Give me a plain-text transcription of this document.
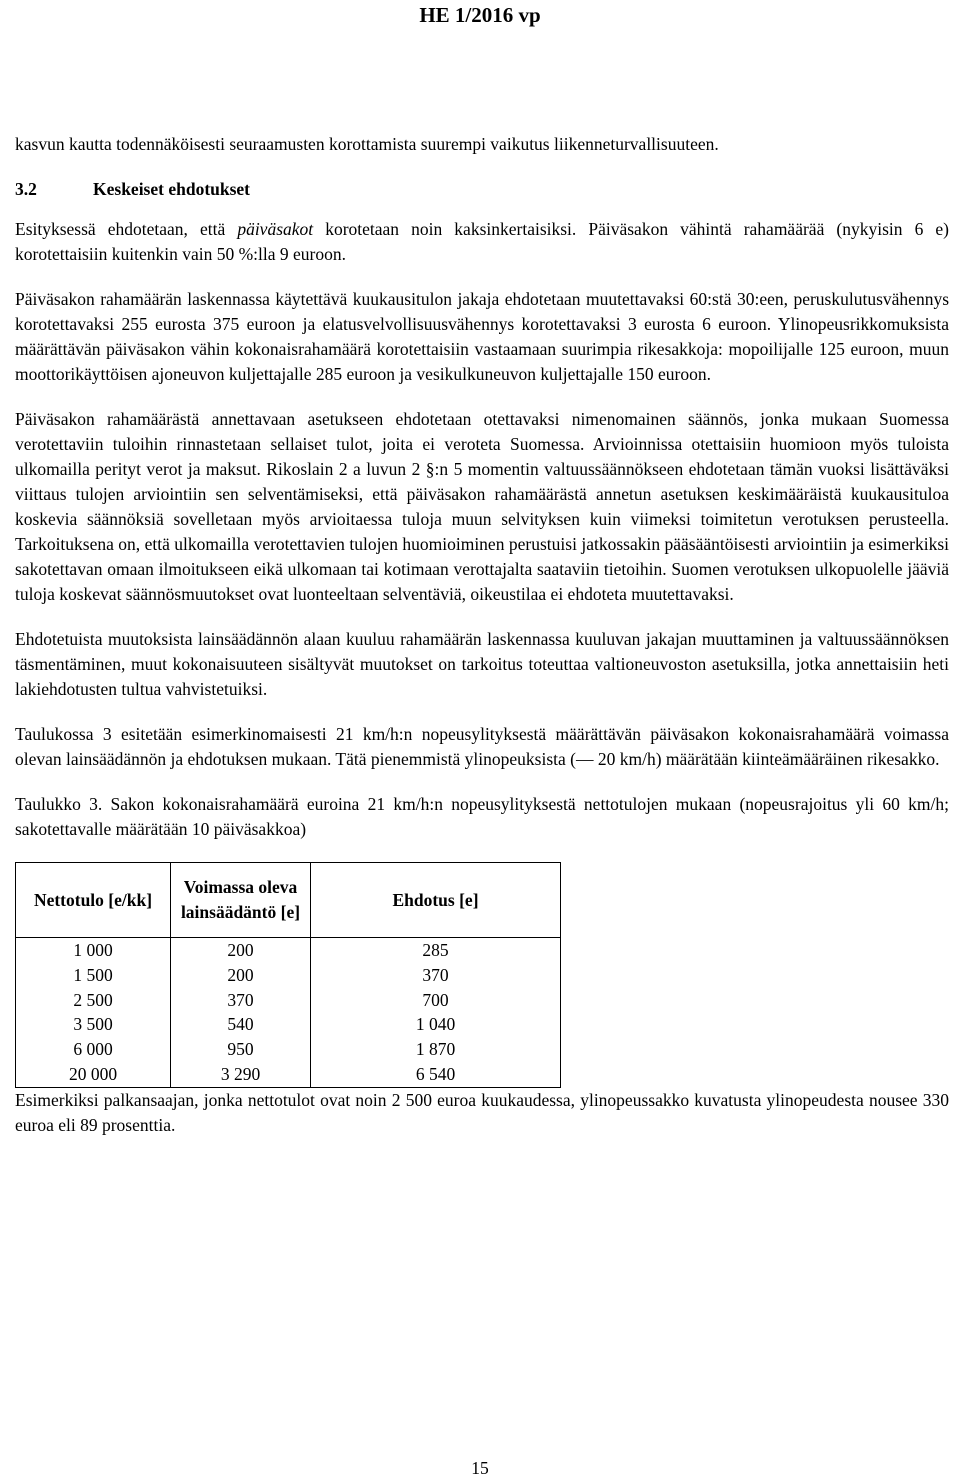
HE 1/2016 vp

kasvun kautta todennäköisesti seuraamusten korottamista suurempi vaikutus liikenneturvallisuuteen.

3.2	Keskeiset ehdotukset

Esityksessä ehdotetaan, että päiväsakot korotetaan noin kaksinkertaisiksi. Päiväsakon vähintä rahamäärää (nykyisin 6 e) korotettaisiin kuitenkin vain 50 %:lla 9 euroon.

Päiväsakon rahamäärän laskennassa käytettävä kuukausitulon jakaja ehdotetaan muutettavaksi 60:stä 30:een, peruskulutusvähennys korotettavaksi 255 eurosta 375 euroon ja elatusvelvollisuusvähennys korotettavaksi 3 eurosta 6 euroon. Ylinopeusrikkomuksista määrättävän päiväsakon vähin kokonaisrahamäärä korotettaisiin vastaamaan suurimpia rikesakkoja: mopoilijalle 125 euroon, muun moottorikäyttöisen ajoneuvon kuljettajalle 285 euroon ja vesikulkuneuvon kuljettajalle 150 euroon.

Päiväsakon rahamäärästä annettavaan asetukseen ehdotetaan otettavaksi nimenomainen säännös, jonka mukaan Suomessa verotettaviin tuloihin rinnastetaan sellaiset tulot, joita ei veroteta Suomessa. Arvioinnissa otettaisiin huomioon myös tuloista ulkomailla perityt verot ja maksut. Rikoslain 2 a luvun 2 §:n 5 momentin valtuussäännökseen ehdotetaan tämän vuoksi lisättäväksi viittaus tulojen arviointiin sen selventämiseksi, että päiväsakon rahamäärästä annetun asetuksen keskimääräistä kuukausituloa koskevia säännöksiä sovelletaan myös arvioitaessa tuloja muun selvityksen kuin viimeksi toimitetun verotuksen perusteella. Tarkoituksena on, että ulkomailla verotettavien tulojen huomioiminen perustuisi jatkossakin pääsääntöisesti arviointiin ja esimerkiksi sakotettavan omaan ilmoitukseen eikä ulkomaan tai kotimaan verottajalta saataviin tietoihin. Suomen verotuksen ulkopuolelle jääviä tuloja koskevat säännösmuutokset ovat luonteeltaan selventäviä, oikeustilaa ei ehdoteta muutettavaksi.

Ehdotetuista muutoksista lainsäädännön alaan kuuluu rahamäärän laskennassa kuuluvan jakajan muuttaminen ja valtuussäännöksen täsmentäminen, muut kokonaisuuteen sisältyvät muutokset on tarkoitus toteuttaa valtioneuvoston asetuksilla, jotka annettaisiin heti lakiehdotusten tultua vahvistetuiksi.

Taulukossa 3 esitetään esimerkinomaisesti 21 km/h:n nopeusylityksestä määrättävän päiväsakon kokonaisrahamäärä voimassa olevan lainsäädännön ja ehdotuksen mukaan. Tätä pienemmistä ylinopeuksista (— 20 km/h) määrätään kiinteämääräinen rikesakko.

Taulukko 3. Sakon kokonaisrahamäärä euroina 21 km/h:n nopeusylityksestä nettotulojen mukaan (nopeusrajoitus yli 60 km/h; sakotettavalle määrätään 10 päiväsakkoa)

Nettotulo [e/kk]	Voimassa oleva lainsäädäntö [e]	Ehdotus [e]
1 000	200	285
1 500	200	370
2 500	370	700
3 500	540	1 040
6 000	950	1 870
20 000	3 290	6 540

Esimerkiksi palkansaajan, jonka nettotulot ovat noin 2 500 euroa kuukaudessa, ylinopeussakko kuvatusta ylinopeudesta nousee 330 euroa eli 89 prosenttia.

15
